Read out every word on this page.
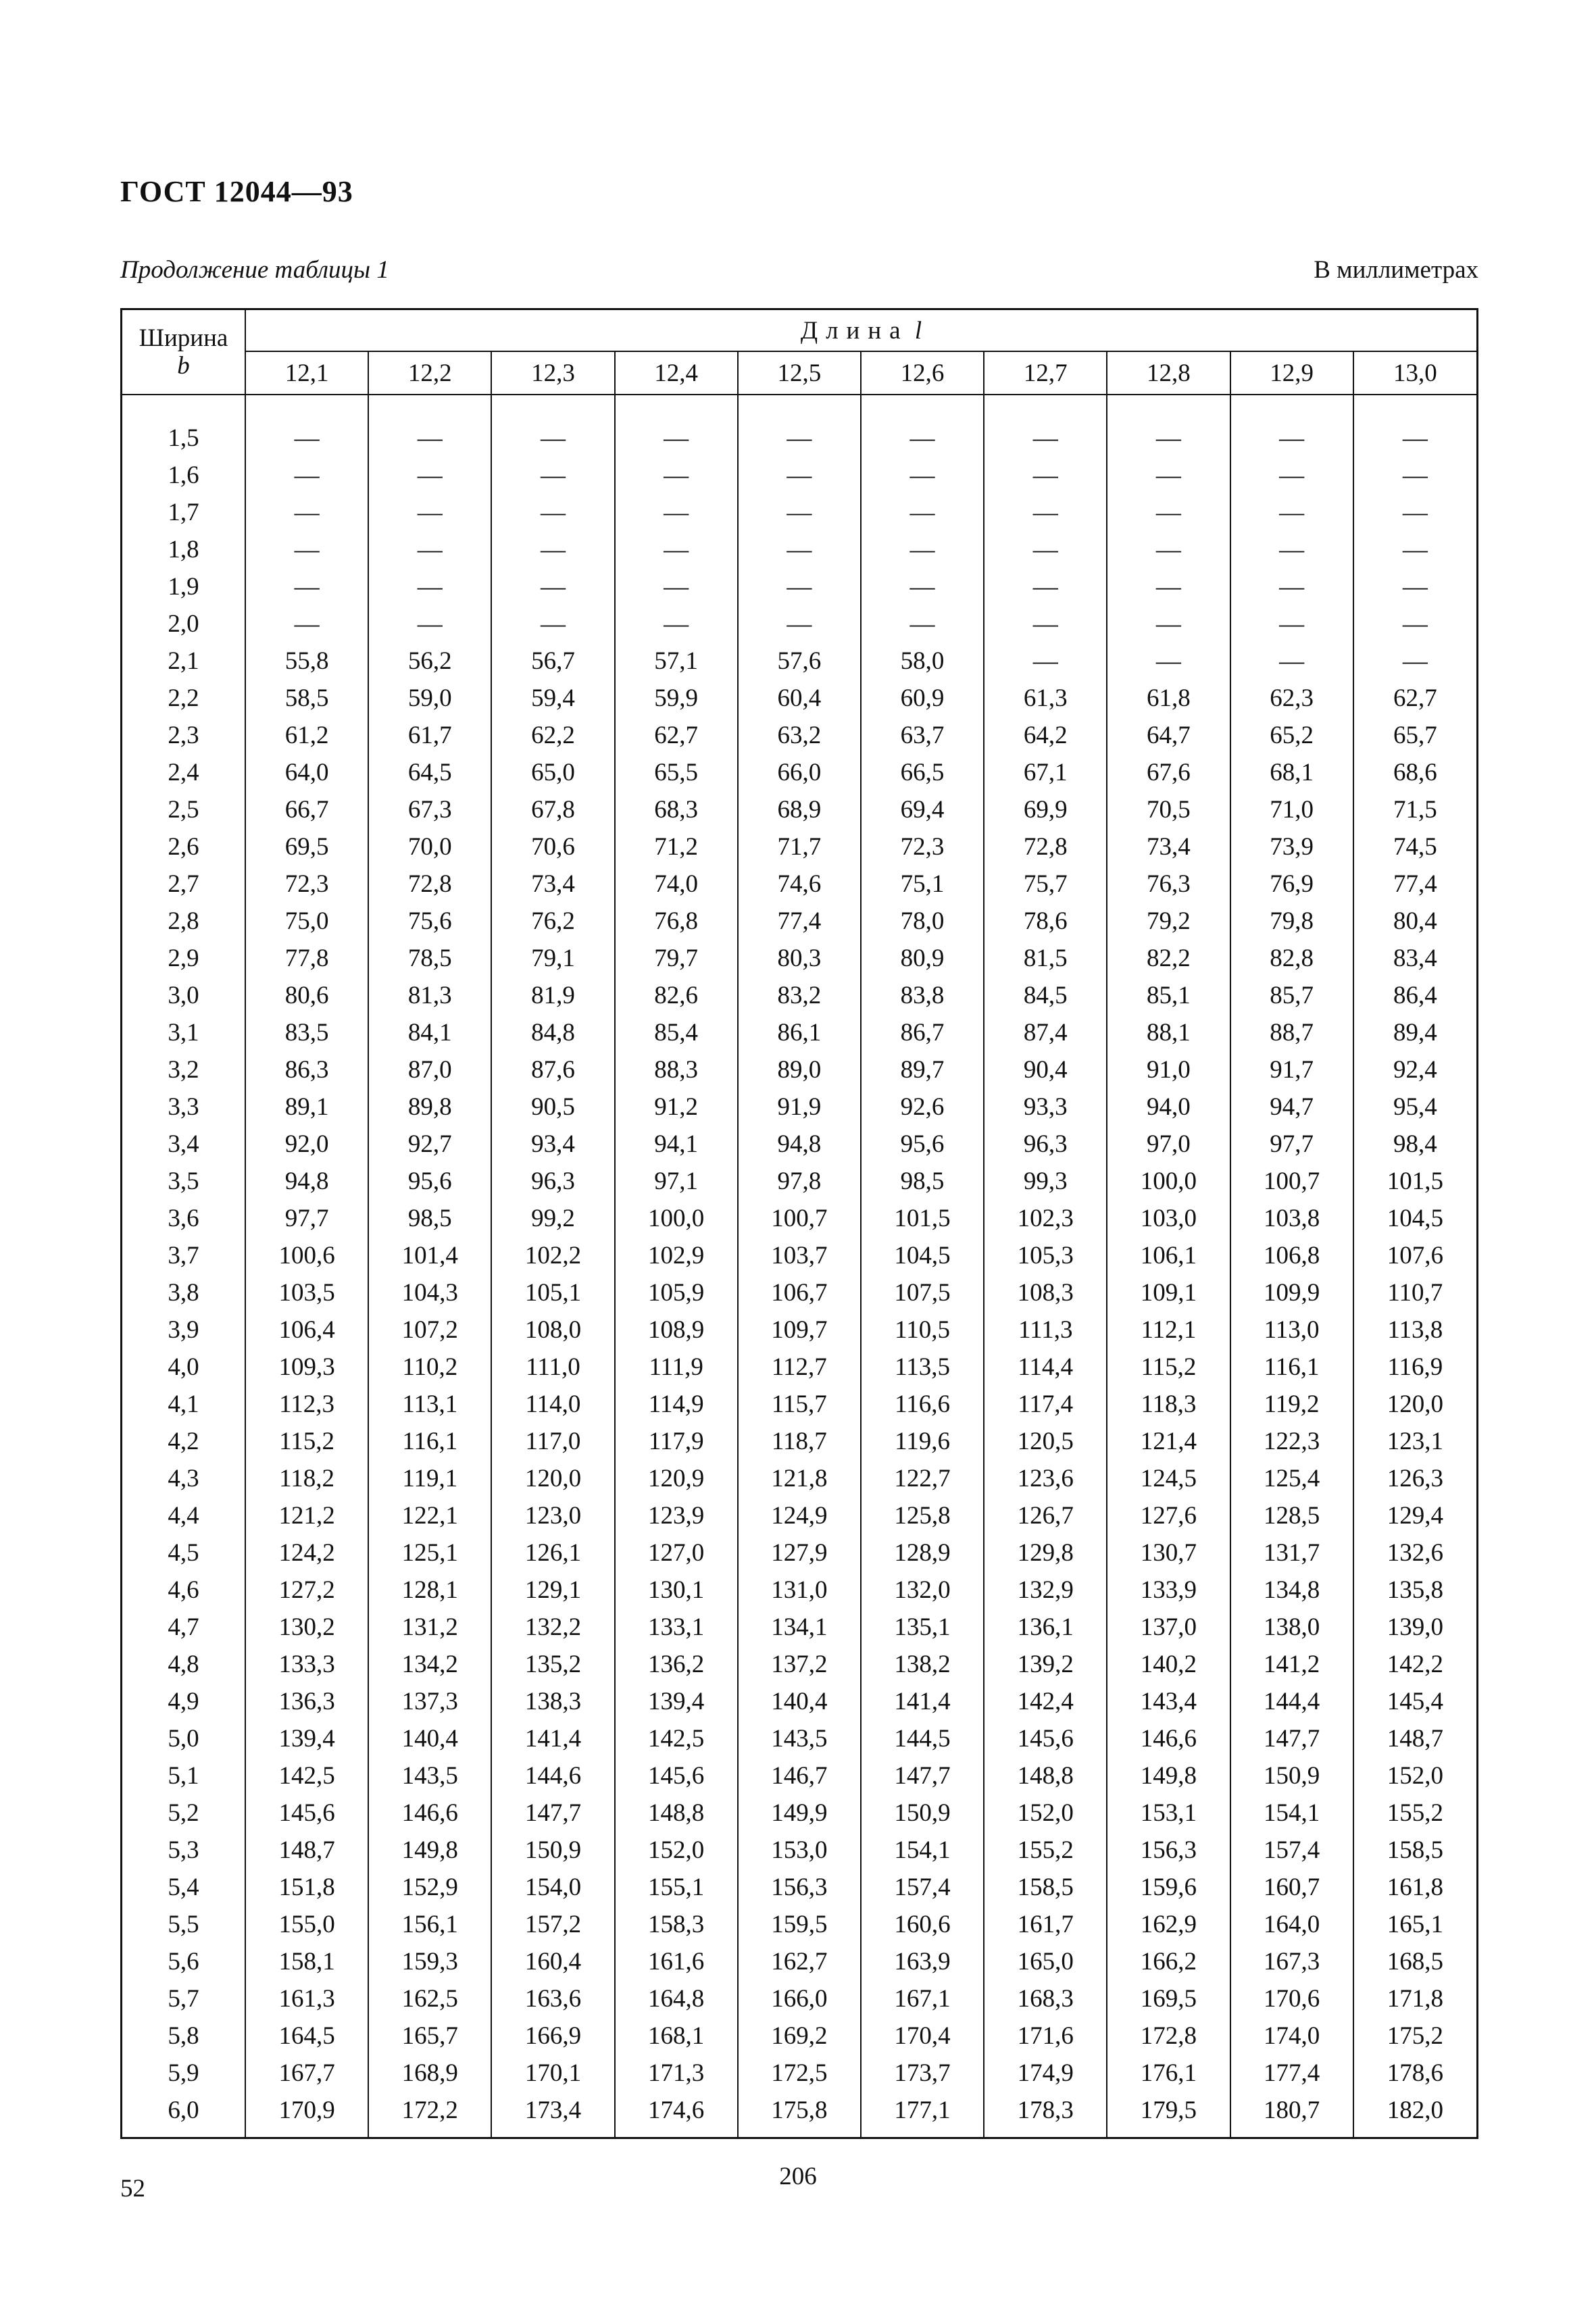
ГОСТ 12044—93
Продолжение таблицы 1	В миллиметрах
Ширина
b	Длина l									
	12,1	12,2	12,3	12,4	12,5	12,6	12,7	12,8	12,9	13,0

1,5	—	—	—	—	—	—	—	—	—	—
1,6	—	—	—	—	—	—	—	—	—	—
1,7	—	—	—	—	—	—	—	—	—	—
1,8	—	—	—	—	—	—	—	—	—	—
1,9	—	—	—	—	—	—	—	—	—	—
2,0	—	—	—	—	—	—	—	—	—	—
2,1	55,8	56,2	56,7	57,1	57,6	58,0	—	—	—	—
2,2	58,5	59,0	59,4	59,9	60,4	60,9	61,3	61,8	62,3	62,7
2,3	61,2	61,7	62,2	62,7	63,2	63,7	64,2	64,7	65,2	65,7
2,4	64,0	64,5	65,0	65,5	66,0	66,5	67,1	67,6	68,1	68,6
2,5	66,7	67,3	67,8	68,3	68,9	69,4	69,9	70,5	71,0	71,5
2,6	69,5	70,0	70,6	71,2	71,7	72,3	72,8	73,4	73,9	74,5
2,7	72,3	72,8	73,4	74,0	74,6	75,1	75,7	76,3	76,9	77,4
2,8	75,0	75,6	76,2	76,8	77,4	78,0	78,6	79,2	79,8	80,4
2,9	77,8	78,5	79,1	79,7	80,3	80,9	81,5	82,2	82,8	83,4
3,0	80,6	81,3	81,9	82,6	83,2	83,8	84,5	85,1	85,7	86,4
3,1	83,5	84,1	84,8	85,4	86,1	86,7	87,4	88,1	88,7	89,4
3,2	86,3	87,0	87,6	88,3	89,0	89,7	90,4	91,0	91,7	92,4
3,3	89,1	89,8	90,5	91,2	91,9	92,6	93,3	94,0	94,7	95,4
3,4	92,0	92,7	93,4	94,1	94,8	95,6	96,3	97,0	97,7	98,4
3,5	94,8	95,6	96,3	97,1	97,8	98,5	99,3	100,0	100,7	101,5
3,6	97,7	98,5	99,2	100,0	100,7	101,5	102,3	103,0	103,8	104,5
3,7	100,6	101,4	102,2	102,9	103,7	104,5	105,3	106,1	106,8	107,6
3,8	103,5	104,3	105,1	105,9	106,7	107,5	108,3	109,1	109,9	110,7
3,9	106,4	107,2	108,0	108,9	109,7	110,5	111,3	112,1	113,0	113,8
4,0	109,3	110,2	111,0	111,9	112,7	113,5	114,4	115,2	116,1	116,9
4,1	112,3	113,1	114,0	114,9	115,7	116,6	117,4	118,3	119,2	120,0
4,2	115,2	116,1	117,0	117,9	118,7	119,6	120,5	121,4	122,3	123,1
4,3	118,2	119,1	120,0	120,9	121,8	122,7	123,6	124,5	125,4	126,3
4,4	121,2	122,1	123,0	123,9	124,9	125,8	126,7	127,6	128,5	129,4
4,5	124,2	125,1	126,1	127,0	127,9	128,9	129,8	130,7	131,7	132,6
4,6	127,2	128,1	129,1	130,1	131,0	132,0	132,9	133,9	134,8	135,8
4,7	130,2	131,2	132,2	133,1	134,1	135,1	136,1	137,0	138,0	139,0
4,8	133,3	134,2	135,2	136,2	137,2	138,2	139,2	140,2	141,2	142,2
4,9	136,3	137,3	138,3	139,4	140,4	141,4	142,4	143,4	144,4	145,4
5,0	139,4	140,4	141,4	142,5	143,5	144,5	145,6	146,6	147,7	148,7
5,1	142,5	143,5	144,6	145,6	146,7	147,7	148,8	149,8	150,9	152,0
5,2	145,6	146,6	147,7	148,8	149,9	150,9	152,0	153,1	154,1	155,2
5,3	148,7	149,8	150,9	152,0	153,0	154,1	155,2	156,3	157,4	158,5
5,4	151,8	152,9	154,0	155,1	156,3	157,4	158,5	159,6	160,7	161,8
5,5	155,0	156,1	157,2	158,3	159,5	160,6	161,7	162,9	164,0	165,1
5,6	158,1	159,3	160,4	161,6	162,7	163,9	165,0	166,2	167,3	168,5
5,7	161,3	162,5	163,6	164,8	166,0	167,1	168,3	169,5	170,6	171,8
5,8	164,5	165,7	166,9	168,1	169,2	170,4	171,6	172,8	174,0	175,2
5,9	167,7	168,9	170,1	171,3	172,5	173,7	174,9	176,1	177,4	178,6
6,0	170,9	172,2	173,4	174,6	175,8	177,1	178,3	179,5	180,7	182,0

52	206
